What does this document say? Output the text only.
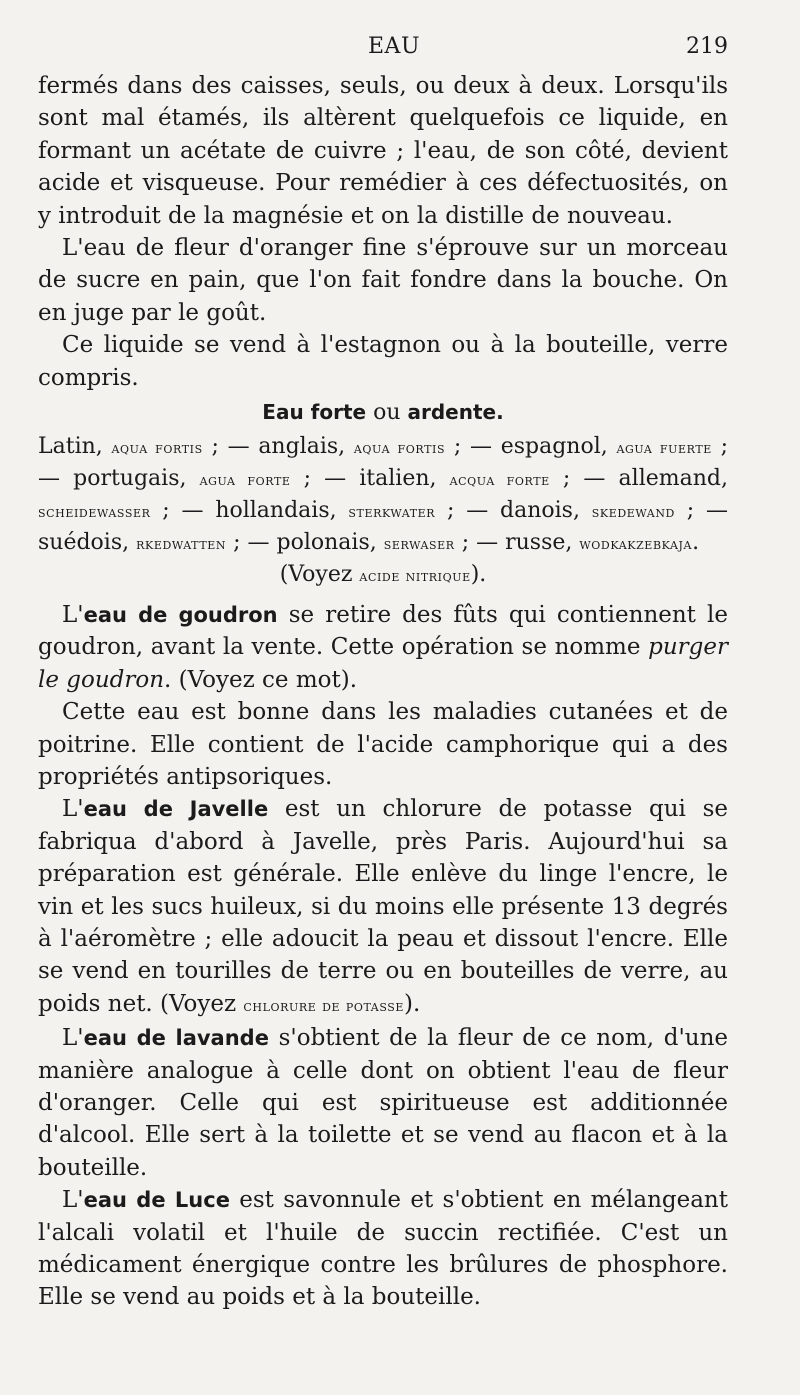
EAU	219

fermés dans des caisses, seuls, ou deux à deux. Lorsqu'ils sont mal étamés, ils altèrent quelquefois ce liquide, en formant un acétate de cuivre ; l'eau, de son côté, devient acide et visqueuse. Pour remédier à ces défectuosités, on y introduit de la magnésie et on la distille de nouveau.

L'eau de fleur d'oranger fine s'éprouve sur un morceau de sucre en pain, que l'on fait fondre dans la bouche. On en juge par le goût.

Ce liquide se vend à l'estagnon ou à la bouteille, verre compris.

Eau forte ou ardente.

Latin, aqua fortis ; — anglais, aqua fortis ; — espagnol, agua fuerte ; — portugais, agua forte ; — italien, acqua forte ; — allemand, scheidewasser ; — hollandais, sterkwater ; — danois, skedewand ; — suédois, rkedwatten ; — polonais, serwaser ; — russe, wodkakzebkaja.

(Voyez acide nitrique).

L'eau de goudron se retire des fûts qui contiennent le goudron, avant la vente. Cette opération se nomme purger le goudron. (Voyez ce mot).

Cette eau est bonne dans les maladies cutanées et de poitrine. Elle contient de l'acide camphorique qui a des propriétés antipsoriques.

L'eau de Javelle est un chlorure de potasse qui se fabriqua d'abord à Javelle, près Paris. Aujourd'hui sa préparation est générale. Elle enlève du linge l'encre, le vin et les sucs huileux, si du moins elle présente 13 degrés à l'aéromètre ; elle adoucit la peau et dissout l'encre. Elle se vend en tourilles de terre ou en bouteilles de verre, au poids net. (Voyez chlorure de potasse).

L'eau de lavande s'obtient de la fleur de ce nom, d'une manière analogue à celle dont on obtient l'eau de fleur d'oranger. Celle qui est spiritueuse est additionnée d'alcool. Elle sert à la toilette et se vend au flacon et à la bouteille.

L'eau de Luce est savonnule et s'obtient en mélangeant l'alcali volatil et l'huile de succin rectifiée. C'est un médicament énergique contre les brûlures de phosphore. Elle se vend au poids et à la bouteille.
